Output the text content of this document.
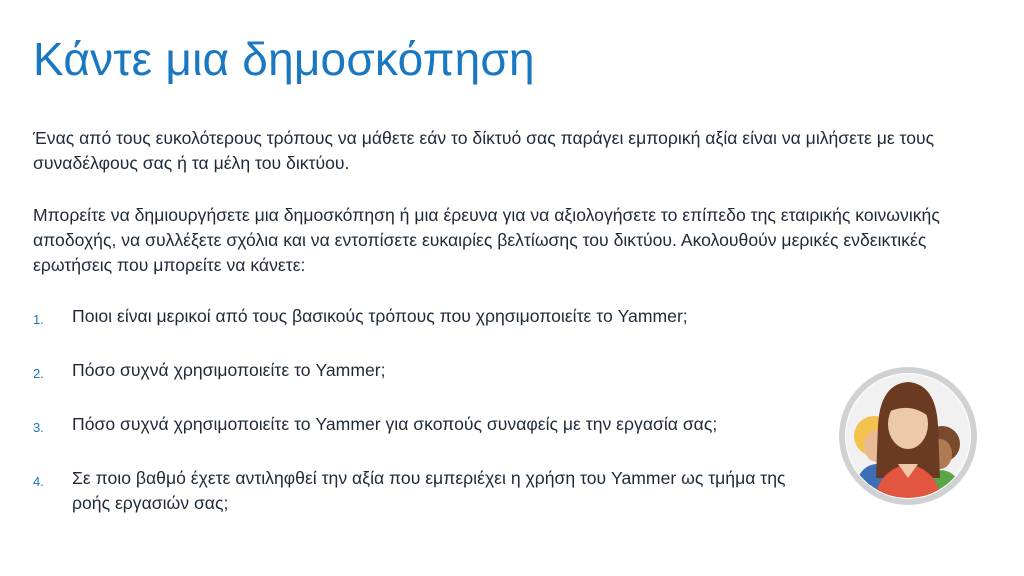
Κάντε μια δημοσκόπηση
Ένας από τους ευκολότερους τρόπους να μάθετε εάν το δίκτυό σας παράγει εμπορική αξία είναι να μιλήσετε με τους συναδέλφους σας ή τα μέλη του δικτύου.
Μπορείτε να δημιουργήσετε μια δημοσκόπηση ή μια έρευνα για να αξιολογήσετε το επίπεδο της εταιρικής κοινωνικής αποδοχής, να συλλέξετε σχόλια και να εντοπίσετε ευκαιρίες βελτίωσης του δικτύου. Ακολουθούν μερικές ενδεικτικές ερωτήσεις που μπορείτε να κάνετε:
1.	Ποιοι είναι μερικοί από τους βασικούς τρόπους που χρησιμοποιείτε το Yammer;
2.	Πόσο συχνά χρησιμοποιείτε το Yammer;
3.	Πόσο συχνά χρησιμοποιείτε το Yammer για σκοπούς συναφείς με την εργασία σας;
4.	Σε ποιο βαθμό έχετε αντιληφθεί την αξία που εμπεριέχει η χρήση του Yammer ως τμήμα της ροής εργασιών σας;
